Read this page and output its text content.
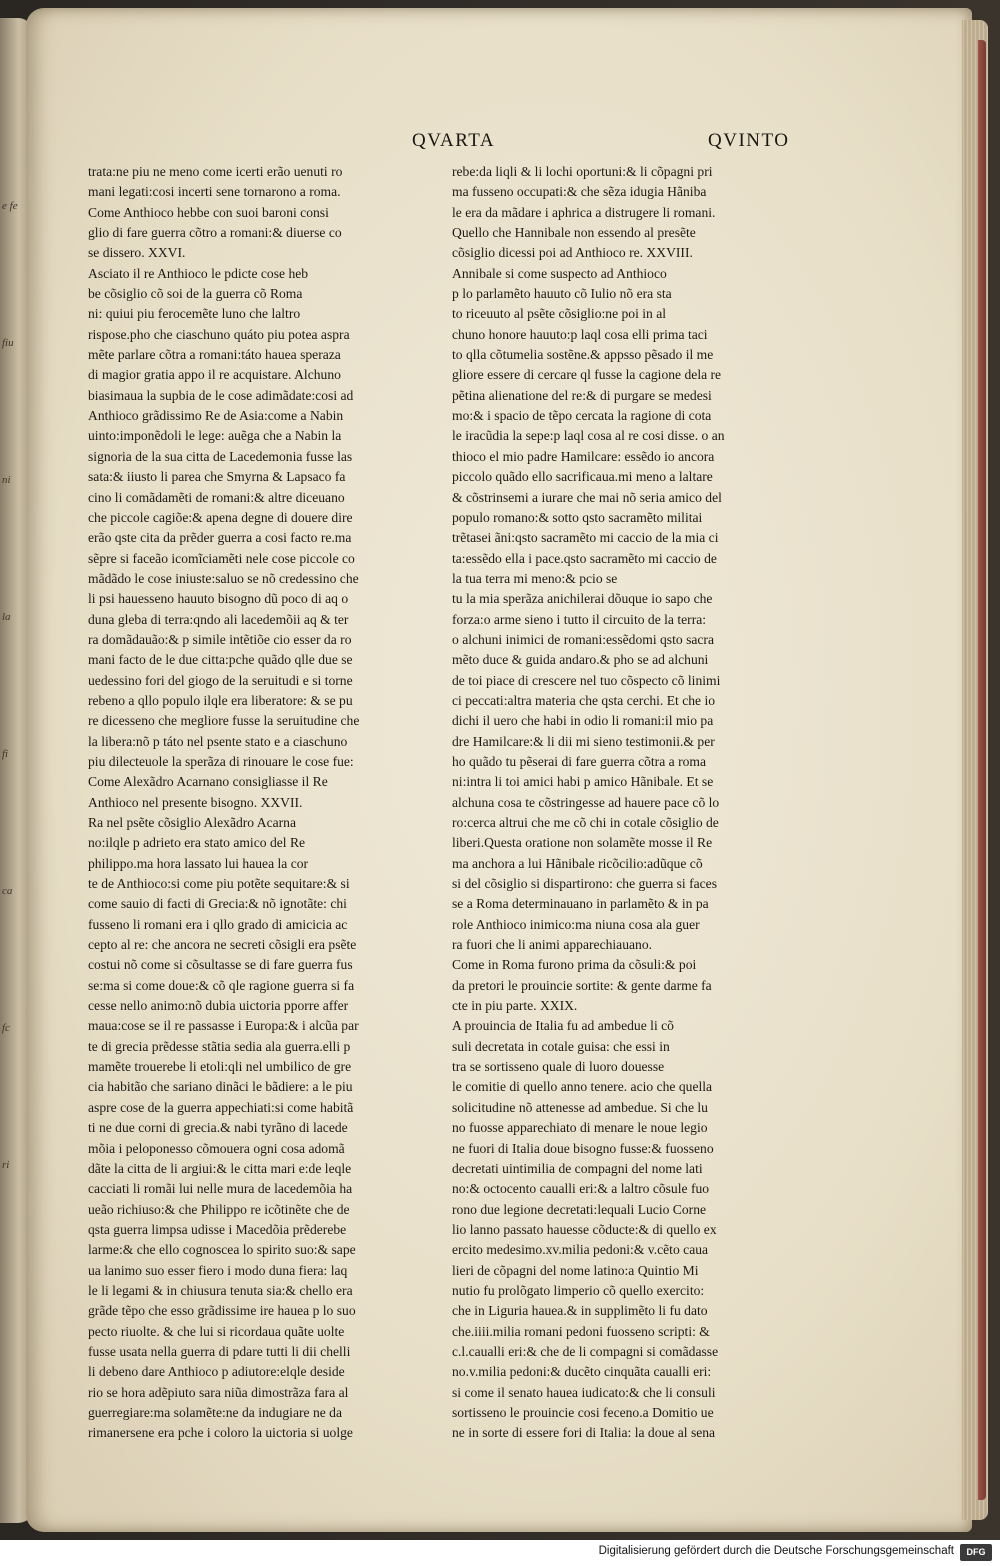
e fe
fiu
ni
la
fi
ca
fc
ri
QVARTA	QVINTO
trata:ne piu ne meno come icerti erão uenuti ro
mani legati:cosi incerti sene tornarono a roma.
Come Anthioco hebbe con suoi baroni consi
glio di fare guerra cõtro a romani:& diuerse co
se dissero. XXVI.
Asciato il re Anthioco le pdicte cose heb
be cõsiglio cõ soi de la guerra cõ Roma
ni: quiui piu ferocemẽte luno che laltro
rispose.pho che ciaschuno quáto piu potea aspra
mẽte parlare cõtra a romani:táto hauea speraza
di magior gratia appo il re acquistare. Alchuno
biasimaua la supbia de le cose adimãdate:cosi ad
Anthioco grãdissimo Re de Asia:come a Nabin
uinto:imponẽdoli le lege: auẽga che a Nabin la
signoria de la sua citta de Lacedemonia fusse las
sata:& iiusto li parea che Smyrna & Lapsaco fa
cino li comãdamẽti de romani:& altre diceuano
che piccole cagiõe:& apena degne di douere dire
erão qste cita da prẽder guerra a cosi facto re.ma
sẽpre si faceão icomĩciamẽti nele cose piccole co
mãdãdo le cose iniuste:saluo se nõ credessino che
li psi hauesseno hauuto bisogno dũ poco di aq o
duna gleba di terra:qndo ali lacedemõii aq & ter
ra domãdauão:& p simile intẽtiõe cio esser da ro
mani facto de le due citta:pche quãdo qlle due se
uedessino fori del giogo de la seruitudi e si torne
rebeno a qllo populo ilqle era liberatore: & se pu
re dicesseno che megliore fusse la seruitudine che
la libera:nõ p táto nel psente stato e a ciaschuno
piu dilecteuole la sperãza di rinouare le cose fue:
Come Alexãdro Acarnano consigliasse il Re
Anthioco nel presente bisogno. XXVII.
Ra nel psẽte cõsiglio Alexãdro Acarna
no:ilqle p adrieto era stato amico del Re
philippo.ma hora lassato lui hauea la cor
te de Anthioco:si come piu potẽte sequitare:& si
come sauio di facti di Grecia:& nõ ignotãte: chi
fusseno li romani era i qllo grado di amicicia ac
cepto al re: che ancora ne secreti cõsigli era psẽte
costui nõ come si cõsultasse se di fare guerra fus
se:ma si come doue:& cõ qle ragione guerra si fa
cesse nello animo:nõ dubia uictoria pporre affer
maua:cose se il re passasse i Europa:& i alcũa par
te di grecia prẽdesse stãtia sedia ala guerra.elli p
mamẽte trouerebe li etoli:qli nel umbilico de gre
cia habitão che sariano dinãci le bãdiere: a le piu
aspre cose de la guerra appechiati:si come habitã
ti ne due corni di grecia.& nabi tyrãno di lacede
mõia i peloponesso cõmouera ogni cosa adomã
dãte la citta de li argiui:& le citta mari e:de leqle
cacciati li romãi lui nelle mura de lacedemõia ha
ueão richiuso:& che Philippo re icõtinẽte che de
qsta guerra limpsa udisse i Macedõia prẽderebe
larme:& che ello cognoscea lo spirito suo:& sape
ua lanimo suo esser fiero i modo duna fiera: laq
le li legami & in chiusura tenuta sia:& chello era
grãde tẽpo che esso grãdissime ire hauea p lo suo
pecto riuolte. & che lui si ricordaua quãte uolte
fusse usata nella guerra di pdare tutti li dii chelli
li debeno dare Anthioco p adiutore:elqle deside
rio se hora adẽpiuto sara niũa dimostrãza fara al
guerregiare:ma solamẽte:ne da indugiare ne da
rimanersene era pche i coloro la uictoria si uolge
rebe:da liqli & li lochi oportuni:& li cõpagni pri
ma fusseno occupati:& che sẽza idugia Hãniba
le era da mãdare i aphrica a distrugere li romani.
Quello che Hannibale non essendo al presẽte
cõsiglio dicessi poi ad Anthioco re. XXVIII.
Annibale si come suspecto ad Anthioco
p lo parlamẽto hauuto cõ Iulio nõ era sta
to riceuuto al psẽte cõsiglio:ne poi in al
chuno honore hauuto:p laql cosa elli prima taci
to qlla cõtumelia sostẽne.& appsso pẽsado il me
gliore essere di cercare ql fusse la cagione dela re
pẽtina alienatione del re:& di purgare se medesi
mo:& i spacio de tẽpo cercata la ragione di cota
le iracũdia la sepe:p laql cosa al re cosi disse. o an
thioco el mio padre Hamilcare: essẽdo io ancora
piccolo quãdo ello sacrificaua.mi meno a laltare
& cõstrinsemi a iurare che mai nõ seria amico del
populo romano:& sotto qsto sacramẽto militai
trẽtasei ãni:qsto sacramẽto mi caccio de la mia ci
ta:essẽdo ella i pace.qsto sacramẽto mi caccio de
la tua terra mi meno:& pcio se
tu la mia sperãza anichilerai dõuque io sapo che
forza:o arme sieno i tutto il circuito de la terra:
o alchuni inimici de romani:essẽdomi qsto sacra
mẽto duce & guida andaro.& pho se ad alchuni
de toi piace di crescere nel tuo cõspecto cõ linimi
ci peccati:altra materia che qsta cerchi. Et che io
dichi il uero che habi in odio li romani:il mio pa
dre Hamilcare:& li dii mi sieno testimonii.& per
ho quãdo tu pẽserai di fare guerra cõtra a roma
ni:intra li toi amici habi p amico Hãnibale. Et se
alchuna cosa te cõstringesse ad hauere pace cõ lo
ro:cerca altrui che me cõ chi in cotale cõsiglio de
liberi.Questa oratione non solamẽte mosse il Re
ma anchora a lui Hãnibale ricõcilio:adũque cõ
si del cõsiglio si dispartirono: che guerra si faces
se a Roma determinauano in parlamẽto & in pa
role Anthioco inimico:ma niuna cosa ala guer
ra fuori che li animi apparechiauano.
Come in Roma furono prima da cõsuli:& poi
da pretori le prouincie sortite: & gente darme fa
cte in piu parte. XXIX.
A prouincia de Italia fu ad ambedue li cõ
suli decretata in cotale guisa: che essi in
tra se sortisseno quale di luoro douesse
le comitie di quello anno tenere. acio che quella
solicitudine nõ attenesse ad ambedue. Si che lu
no fuosse apparechiato di menare le noue legio
ne fuori di Italia doue bisogno fusse:& fuosseno
decretati uintimilia de compagni del nome lati
no:& octocento caualli eri:& a laltro cõsule fuo
rono due legione decretati:lequali Lucio Corne
lio lanno passato hauesse cõducte:& di quello ex
ercito medesimo.xv.milia pedoni:& v.cẽto caua
lieri de cõpagni del nome latino:a Quintio Mi
nutio fu prolõgato limperio cõ quello exercito:
che in Liguria hauea.& in supplimẽto li fu dato
che.iiii.milia romani pedoni fuosseno scripti: &
c.l.caualli eri:& che de li compagni si comãdasse
no.v.milia pedoni:& ducẽto cinquãta caualli eri:
si come il senato hauea iudicato:& che li consuli
sortisseno le prouincie cosi feceno.a Domitio ue
ne in sorte di essere fori di Italia: la doue al sena
Digitalisierung gefördert durch die Deutsche Forschungsgemeinschaft	DFG
